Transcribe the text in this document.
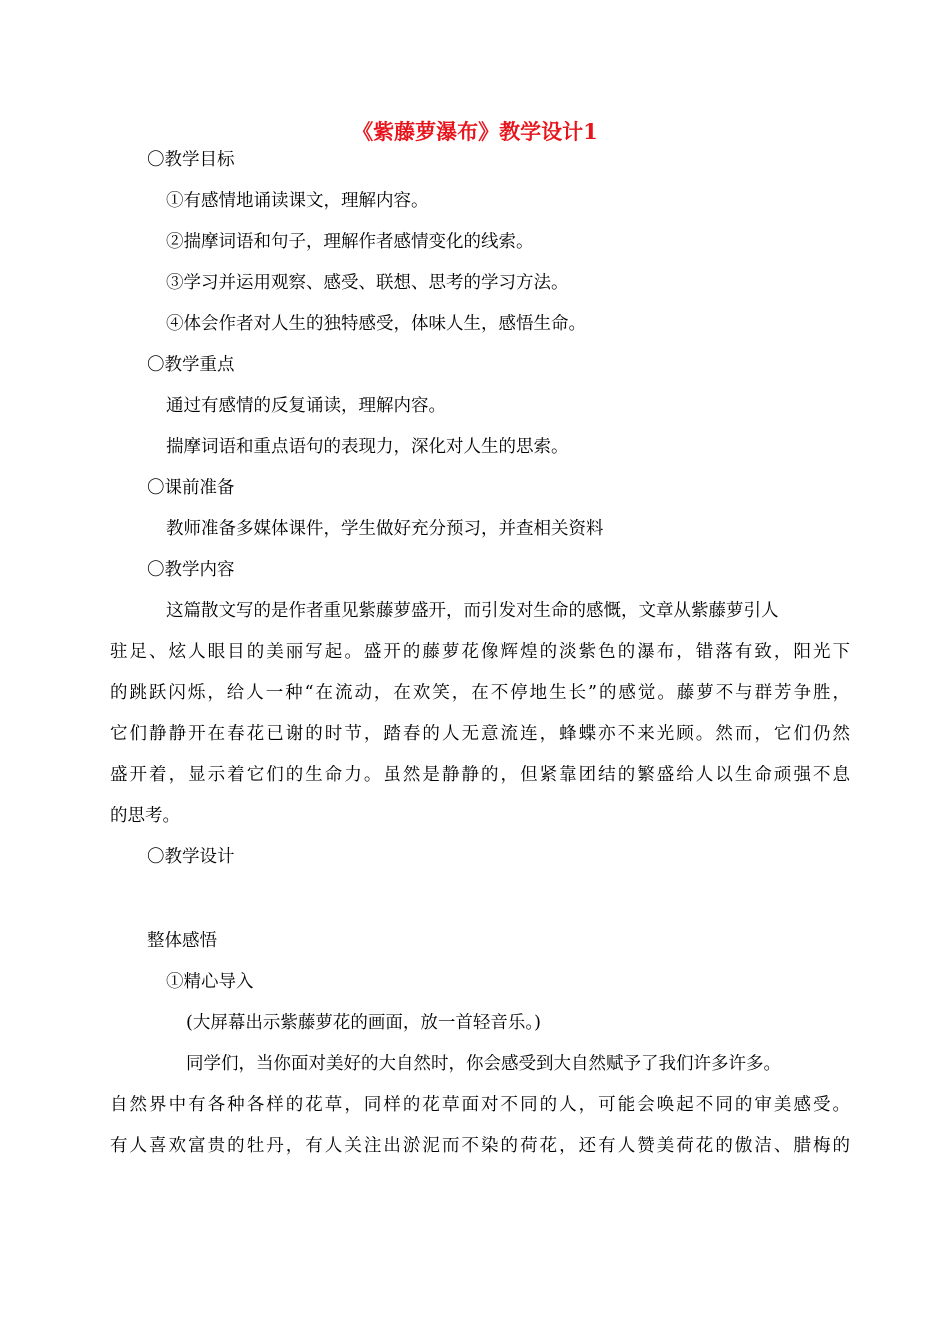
《紫藤萝瀑布》教学设计1
〇教学目标
①有感情地诵读课文，理解内容。
②揣摩词语和句子，理解作者感情变化的线索。
③学习并运用观察、感受、联想、思考的学习方法。
④体会作者对人生的独特感受，体味人生，感悟生命。
〇教学重点
通过有感情的反复诵读，理解内容。
揣摩词语和重点语句的表现力，深化对人生的思索。
〇课前准备
教师准备多媒体课件，学生做好充分预习，并查相关资料
〇教学内容
这篇散文写的是作者重见紫藤萝盛开，而引发对生命的感慨，文章从紫藤萝引人
驻足、炫人眼目的美丽写起。盛开的藤萝花像辉煌的淡紫色的瀑布，错落有致，阳光下
的跳跃闪烁，给人一种“在流动，在欢笑，在不停地生长”的感觉。藤萝不与群芳争胜，
它们静静开在春花已谢的时节，踏春的人无意流连，蜂蝶亦不来光顾。然而，它们仍然
盛开着，显示着它们的生命力。虽然是静静的，但紧靠团结的繁盛给人以生命顽强不息
的思考。
〇教学设计
整体感悟
①精心导入
(大屏幕出示紫藤萝花的画面，放一首轻音乐。)
同学们，当你面对美好的大自然时，你会感受到大自然赋予了我们许多许多。
自然界中有各种各样的花草，同样的花草面对不同的人，可能会唤起不同的审美感受。
有人喜欢富贵的牡丹，有人关注出淤泥而不染的荷花，还有人赞美荷花的傲洁、腊梅的
